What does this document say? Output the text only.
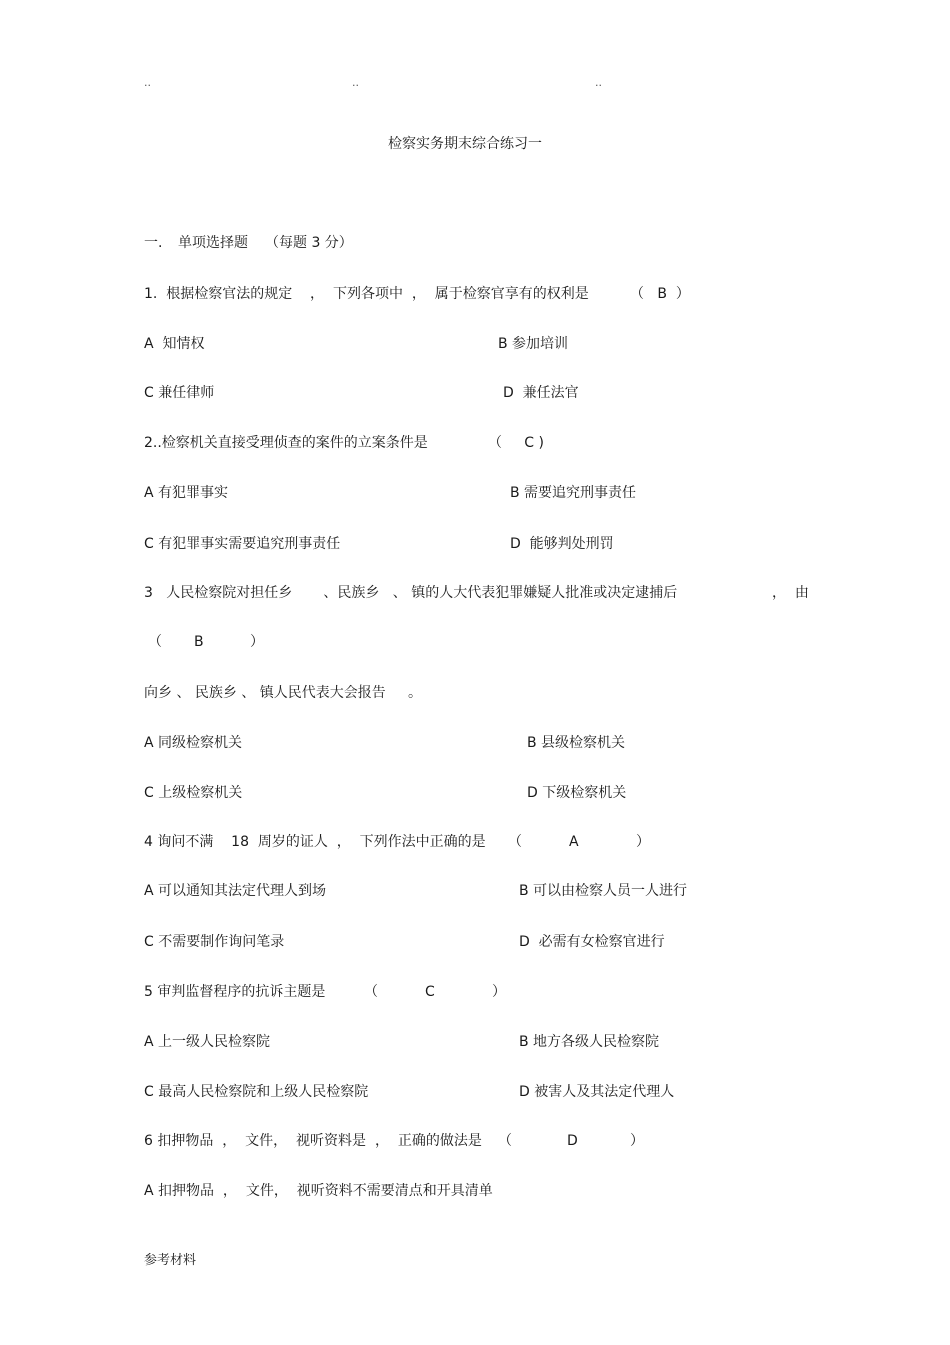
..	..	..
检察实务期末综合练习一
一. 单项选择题 （每题 3 分）
1.  根据检察官法的规定    ，  下列各项中  ，  属于检察官享有的权利是	（   B  ）
A  知情权	B 参加培训
C 兼任律师	D  兼任法官
2..检察机关直接受理侦查的案件的立案条件是	（     C )
A 有犯罪事实	B 需要追究刑事责任
C 有犯罪事实需要追究刑事责任	D  能够判处刑罚
3   人民检察院对担任乡       、民族乡   、 镇的人大代表犯罪嫌疑人批准或决定逮捕后	，  由
（ B	）
向乡 、 民族乡 、 镇人民代表大会报告     。
A 同级检察机关	B 县级检察机关
C 上级检察机关	D 下级检察机关
4 询问不满    18  周岁的证人  ，  下列作法中正确的是 （	A	）
A 可以通知其法定代理人到场	B 可以由检察人员一人进行
C 不需要制作询问笔录	D  必需有女检察官进行
5 审判监督程序的抗诉主题是	（	C	）
A 上一级人民检察院	B 地方各级人民检察院
C 最高人民检察院和上级人民检察院	D 被害人及其法定代理人
6 扣押物品  ，  文件，  视听资料是  ，  正确的做法是 （	D	）
A 扣押物品  ，  文件，  视听资料不需要清点和开具清单
参考材料
